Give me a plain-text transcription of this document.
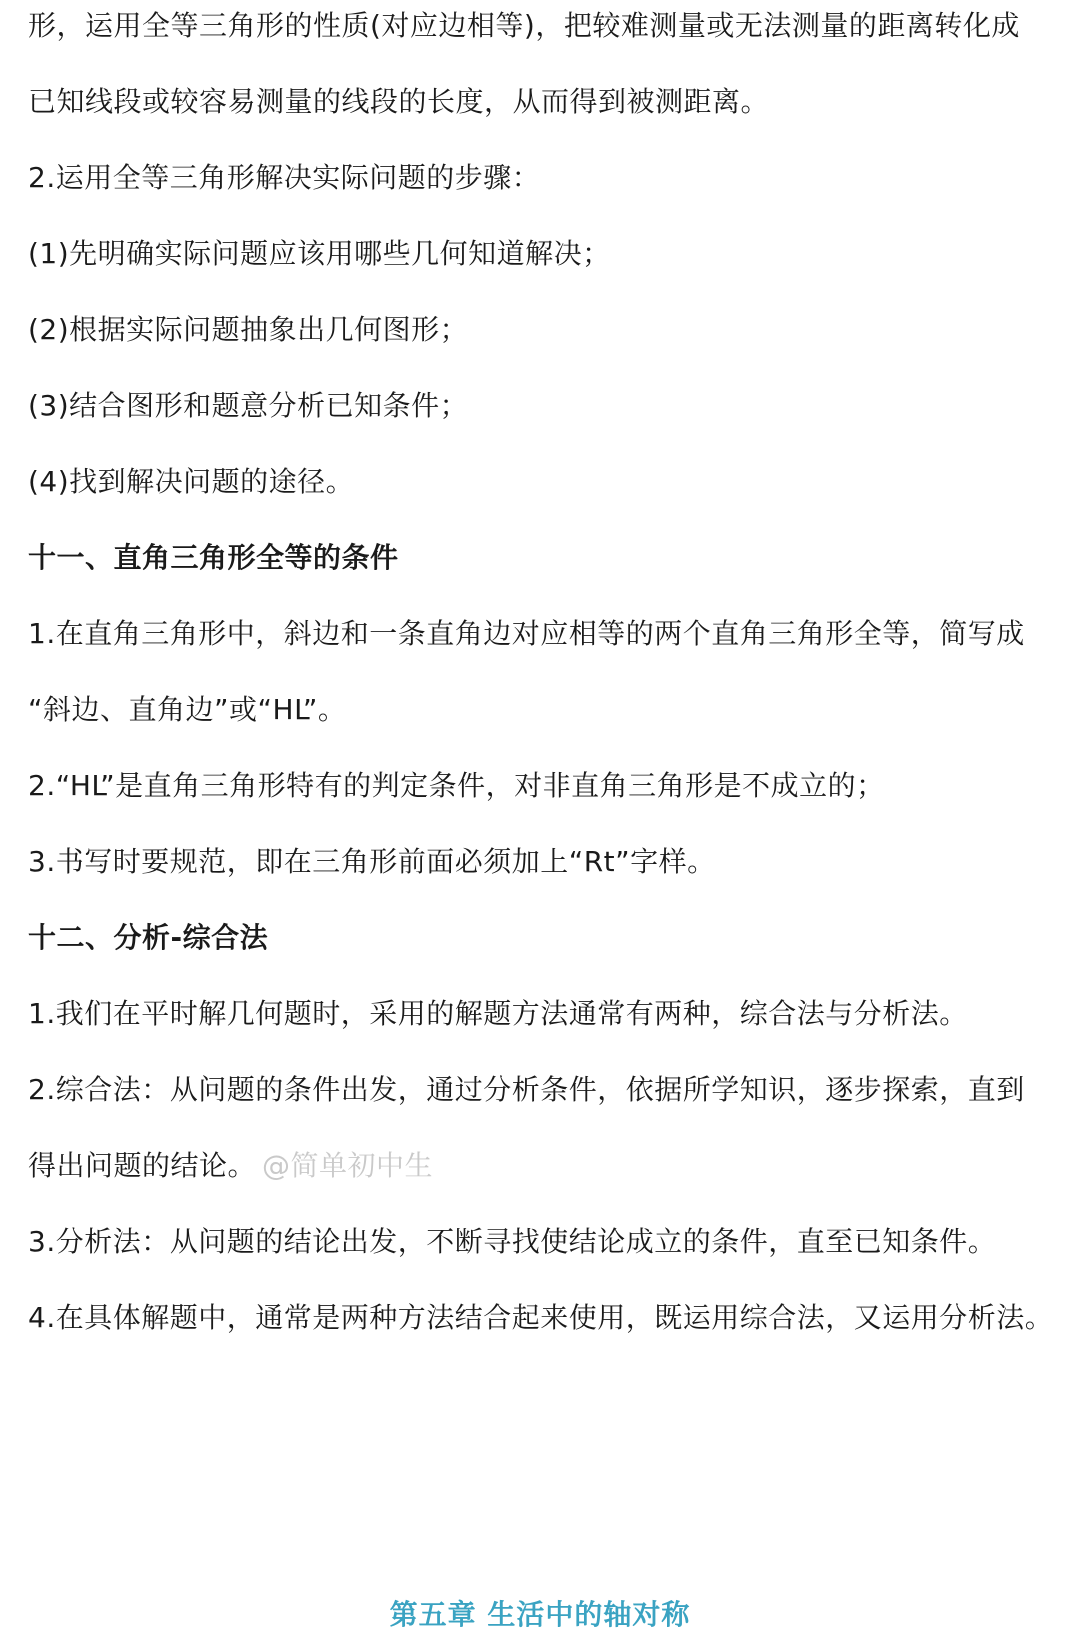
形，运用全等三角形的性质(对应边相等)，把较难测量或无法测量的距离转化成
已知线段或较容易测量的线段的长度，从而得到被测距离。
2.运用全等三角形解决实际问题的步骤：
(1)先明确实际问题应该用哪些几何知道解决；
(2)根据实际问题抽象出几何图形；
(3)结合图形和题意分析已知条件；
(4)找到解决问题的途径。
十一、直角三角形全等的条件
1.在直角三角形中，斜边和一条直角边对应相等的两个直角三角形全等，简写成
“斜边、直角边”或“HL”。
2.“HL”是直角三角形特有的判定条件，对非直角三角形是不成立的；
3.书写时要规范，即在三角形前面必须加上“Rt”字样。
十二、分析-综合法
1.我们在平时解几何题时，采用的解题方法通常有两种，综合法与分析法。
2.综合法：从问题的条件出发，通过分析条件，依据所学知识，逐步探索，直到
得出问题的结论。 @简单初中生
3.分析法：从问题的结论出发，不断寻找使结论成立的条件，直至已知条件。
4.在具体解题中，通常是两种方法结合起来使用，既运用综合法，又运用分析法。
第五章 生活中的轴对称
